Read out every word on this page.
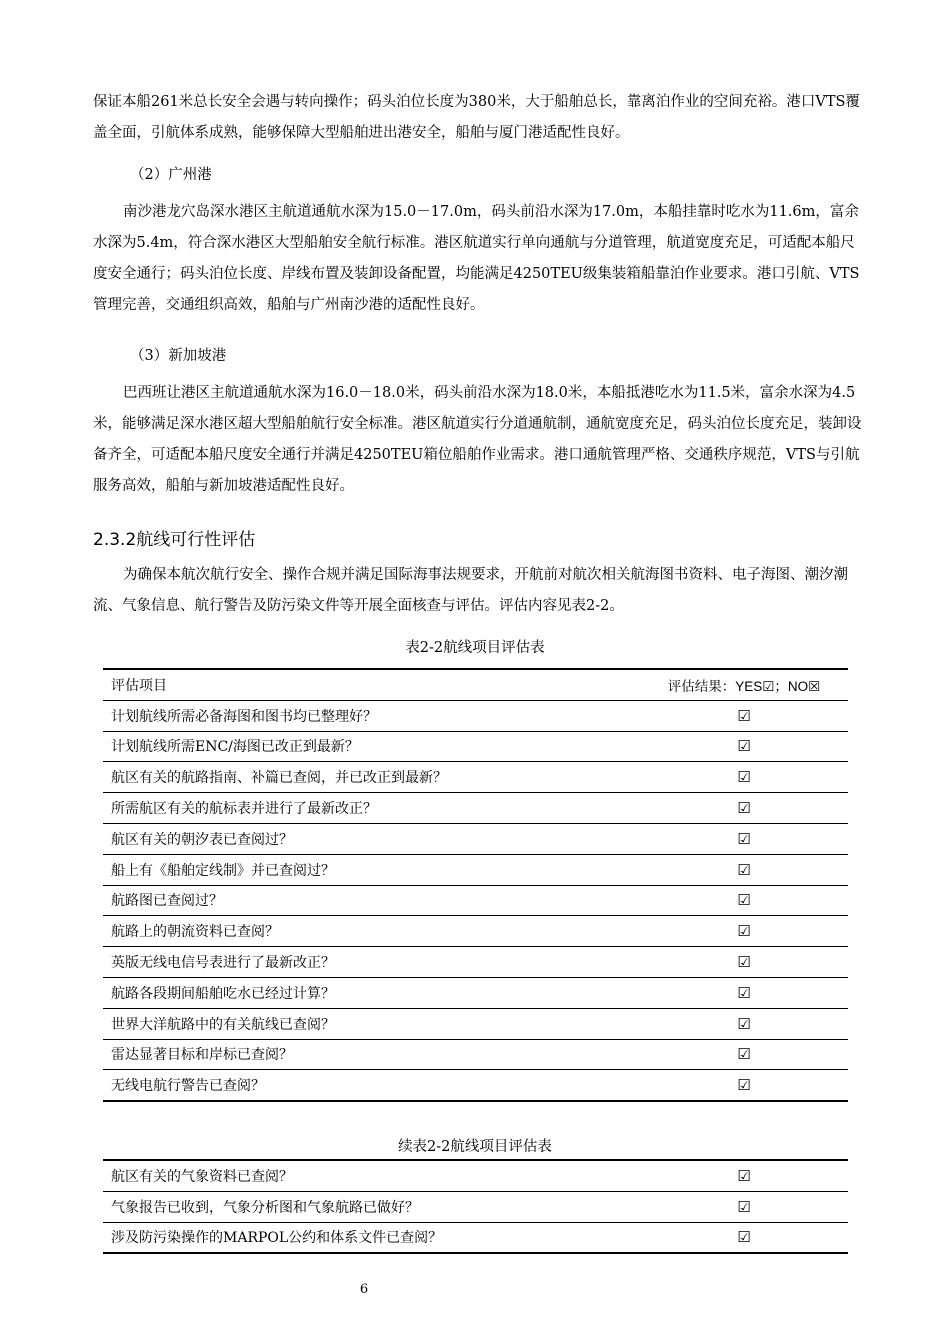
保证本船261米总长安全会遇与转向操作；码头泊位长度为380米，大于船舶总长，靠离泊作业的空间充裕。港口VTS覆盖全面，引航体系成熟，能够保障大型船舶进出港安全，船舶与厦门港适配性良好。

（2）广州港

南沙港龙穴岛深水港区主航道通航水深为15.0－17.0m，码头前沿水深为17.0m，本船挂靠时吃水为11.6m，富余水深为5.4m，符合深水港区大型船舶安全航行标准。港区航道实行单向通航与分道管理，航道宽度充足，可适配本船尺度安全通行；码头泊位长度、岸线布置及装卸设备配置，均能满足4250TEU级集装箱船靠泊作业要求。港口引航、VTS管理完善，交通组织高效，船舶与广州南沙港的适配性良好。

（3）新加坡港

巴西班让港区主航道通航水深为16.0－18.0米，码头前沿水深为18.0米，本船抵港吃水为11.5米，富余水深为4.5米，能够满足深水港区超大型船舶航行安全标准。港区航道实行分道通航制，通航宽度充足，码头泊位长度充足，装卸设备齐全，可适配本船尺度安全通行并满足4250TEU箱位船舶作业需求。港口通航管理严格、交通秩序规范，VTS与引航服务高效，船舶与新加坡港适配性良好。

2.3.2航线可行性评估

为确保本航次航行安全、操作合规并满足国际海事法规要求，开航前对航次相关航海图书资料、电子海图、潮汐潮流、气象信息、航行警告及防污染文件等开展全面核查与评估。评估内容见表2-2。

表2-2航线项目评估表
评估项目	评估结果：YES☑；NO☒
计划航线所需必备海图和图书均已整理好？	☑
计划航线所需ENC/海图已改正到最新？	☑
航区有关的航路指南、补篇已查阅，并已改正到最新？	☑
所需航区有关的航标表并进行了最新改正？	☑
航区有关的朝汐表已查阅过？	☑
船上有《船舶定线制》并已查阅过？	☑
航路图已查阅过？	☑
航路上的朝流资料已查阅？	☑
英版无线电信号表进行了最新改正？	☑
航路各段期间船舶吃水已经过计算？	☑
世界大洋航路中的有关航线已查阅？	☑
雷达显著目标和岸标已查阅？	☑
无线电航行警告已查阅？	☑
续表2-2航线项目评估表
航区有关的气象资料已查阅？	☑
气象报告已收到，气象分析图和气象航路已做好？	☑
涉及防污染操作的MARPOL公约和体系文件已查阅？	☑
6
